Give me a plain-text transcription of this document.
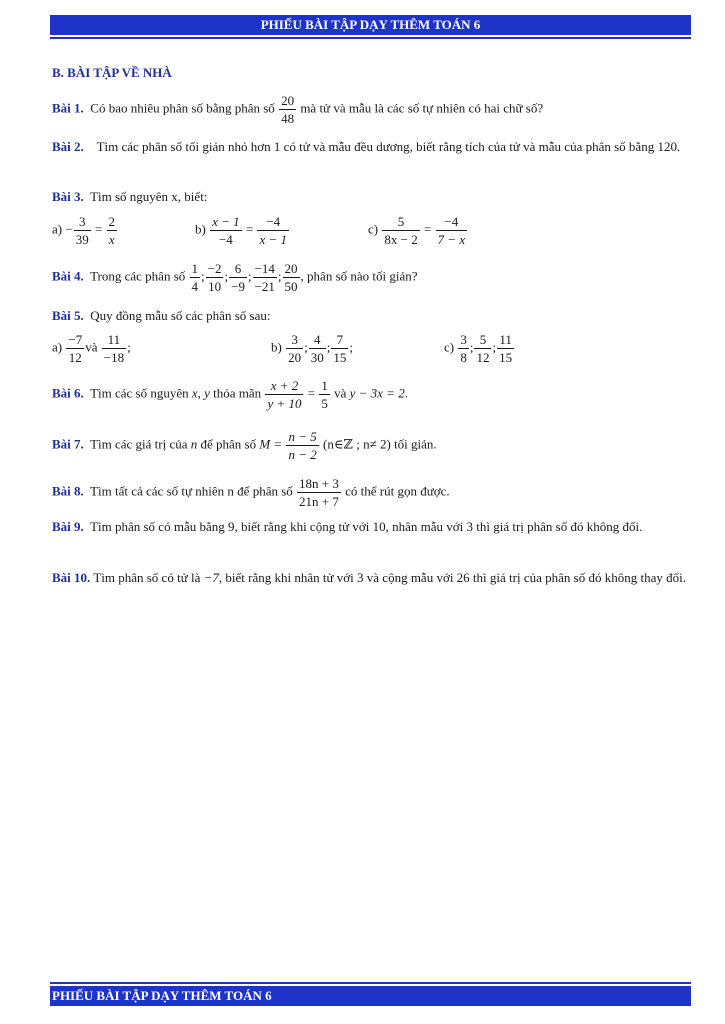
PHIẾU BÀI TẬP DẠY THÊM TOÁN 6
B. BÀI TẬP VỀ NHÀ
Bài 1. Có bao nhiêu phân số bằng phân số $\frac{20}{48}$ mà tử và mẫu là các số tự nhiên có hai chữ số?
Bài 2. Tìm các phân số tối giản nhỏ hơn 1 có tử và mẫu đều dương, biết rằng tích của tử và mẫu của phân số bằng 120.
Bài 3. Tìm số nguyên x, biết:
$a) - \frac{3}{39} = \frac{2}{x}$	$b) \frac{x - 1}{-4} = \frac{-4}{x - 1}$	$c) \frac{5}{8x - 2} = \frac{-4}{7 - x}$
Bài 4. Trong các phân số $\frac{1}{4}$ ; $\frac{-2}{10}$ ; $\frac{6}{-9}$ ; $\frac{-14}{-21}$ ; $\frac{20}{50}$ , phân số nào tối giản?
Bài 5. Quy đồng mẫu số các phân số sau:
$a) \frac{-7}{12}$ và $\frac{11}{-18}$ ;	$b) \frac{3}{20}$ ; $\frac{4}{30}$ ; $\frac{7}{15}$ ;	$c) \frac{3}{8}$ ; $\frac{5}{12}$ ; $\frac{11}{15}$
Bài 6. Tìm các số nguyên x, y thỏa mãn $\frac{x + 2}{y + 10} = \frac{1}{5}$ và y − 3x = 2.
Bài 7. Tìm các giá trị của n để phân số $M = \frac{n - 5}{n - 2}$ (n∈ℤ ; n≠ 2) tối giản.
Bài 8. Tìm tất cả các số tự nhiên n để phân số $\frac{18n + 3}{21n + 7}$ có thể rút gọn được.
Bài 9. Tìm phân số có mẫu bằng 9, biết rằng khi cộng tử với 10, nhân mẫu với 3 thì giá trị phân số đó không đổi.
Bài 10. Tìm phân số có tử là −7, biết rằng khi nhân tử với 3 và cộng mẫu với 26 thì giá trị của phân số đó không thay đổi.
PHIẾU BÀI TẬP DẠY THÊM TOÁN 6
